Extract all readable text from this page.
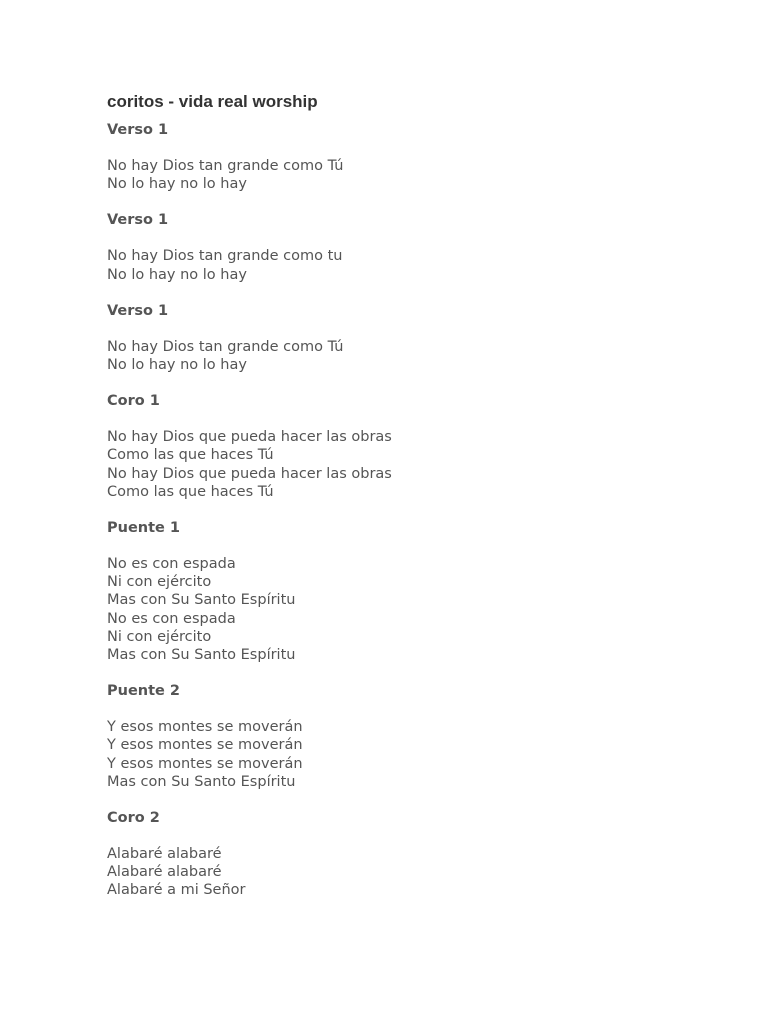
coritos - vida real worship
Verso 1
No hay Dios tan grande como Tú
No lo hay no lo hay
Verso 1
No hay Dios tan grande como tu
No lo hay no lo hay
Verso 1
No hay Dios tan grande como Tú
No lo hay no lo hay
Coro 1
No hay Dios que pueda hacer las obras
Como las que haces Tú
No hay Dios que pueda hacer las obras
Como las que haces Tú
Puente 1
No es con espada
Ni con ejército
Mas con Su Santo Espíritu
No es con espada
Ni con ejército
Mas con Su Santo Espíritu
Puente 2
Y esos montes se moverán
Y esos montes se moverán
Y esos montes se moverán
Mas con Su Santo Espíritu
Coro 2
Alabaré alabaré
Alabaré alabaré
Alabaré a mi Señor
